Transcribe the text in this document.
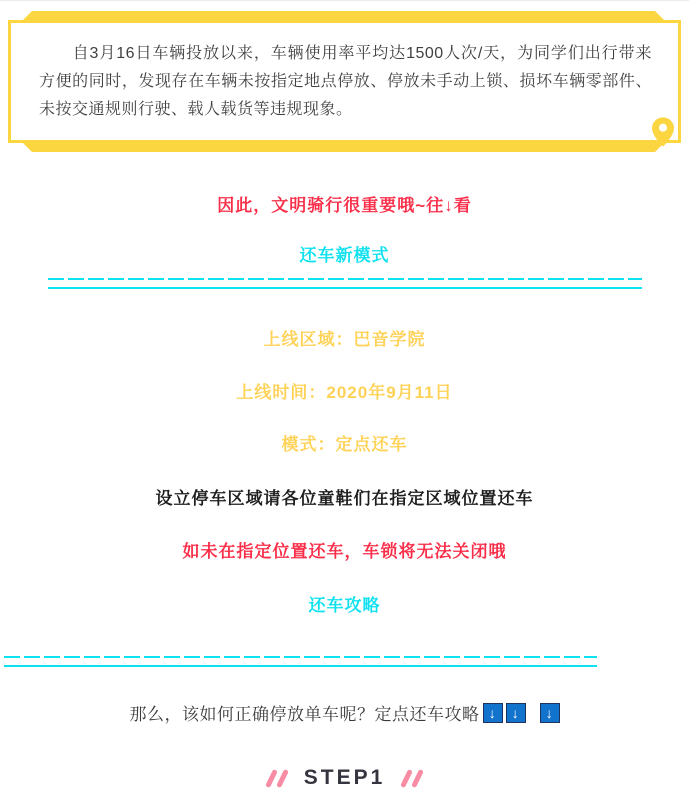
自3月16日车辆投放以来，车辆使用率平均达1500人次/天，为同学们出行带来方便的同时，发现存在车辆未按指定地点停放、停放未手动上锁、损坏车辆零部件、未按交通规则行驶、载人载货等违规现象。

因此，文明骑行很重要哦~往↓看
还车新模式
上线区域：巴音学院
上线时间：2020年9月11日
模式：定点还车
设立停车区域请各位童鞋们在指定区域位置还车
如未在指定位置还车，车锁将无法关闭哦
还车攻略
那么，该如何正确停放单车呢？定点还车攻略 ↓	↓	↓
STEP1
